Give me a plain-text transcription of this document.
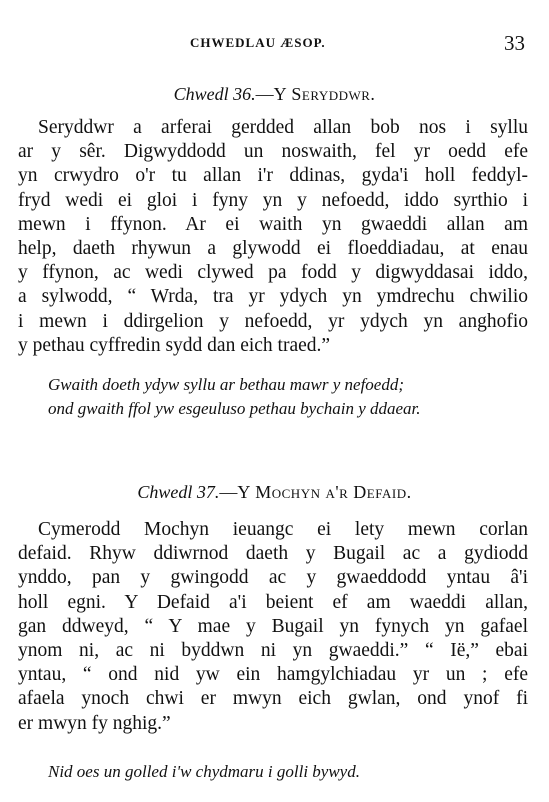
CHWEDLAU ÆSOP.	33
Chwedl 36.—Y Seryddwr.
Seryddwr a arferai gerdded allan bob nos i syllu
ar y sêr. Digwyddodd un noswaith, fel yr oedd efe
yn crwydro o'r tu allan i'r ddinas, gyda'i holl feddyl-
fryd wedi ei gloi i fyny yn y nefoedd, iddo syrthio i
mewn i ffynon. Ar ei waith yn gwaeddi allan am
help, daeth rhywun a glywodd ei floeddiadau, at enau
y ffynon, ac wedi clywed pa fodd y digwyddasai iddo,
a sylwodd, “ Wrda, tra yr ydych yn ymdrechu chwilio
i mewn i ddirgelion y nefoedd, yr ydych yn anghofio
y pethau cyffredin sydd dan eich traed.”
Gwaith doeth ydyw syllu ar bethau mawr y nefoedd;
ond gwaith ffol yw esgeuluso pethau bychain y ddaear.
Chwedl 37.—Y Mochyn a'r Defaid.
Cymerodd Mochyn ieuangc ei lety mewn corlan
defaid. Rhyw ddiwrnod daeth y Bugail ac a gydiodd
ynddo, pan y gwingodd ac y gwaeddodd yntau â'i
holl egni. Y Defaid a'i beient ef am waeddi allan,
gan ddweyd, “ Y mae y Bugail yn fynych yn gafael
ynom ni, ac ni byddwn ni yn gwaeddi.” “ Ië,” ebai
yntau, “ ond nid yw ein hamgylchiadau yr un ; efe
afaela ynoch chwi er mwyn eich gwlan, ond ynof fi
er mwyn fy nghig.”
Nid oes un golled i'w chydmaru i golli bywyd.
